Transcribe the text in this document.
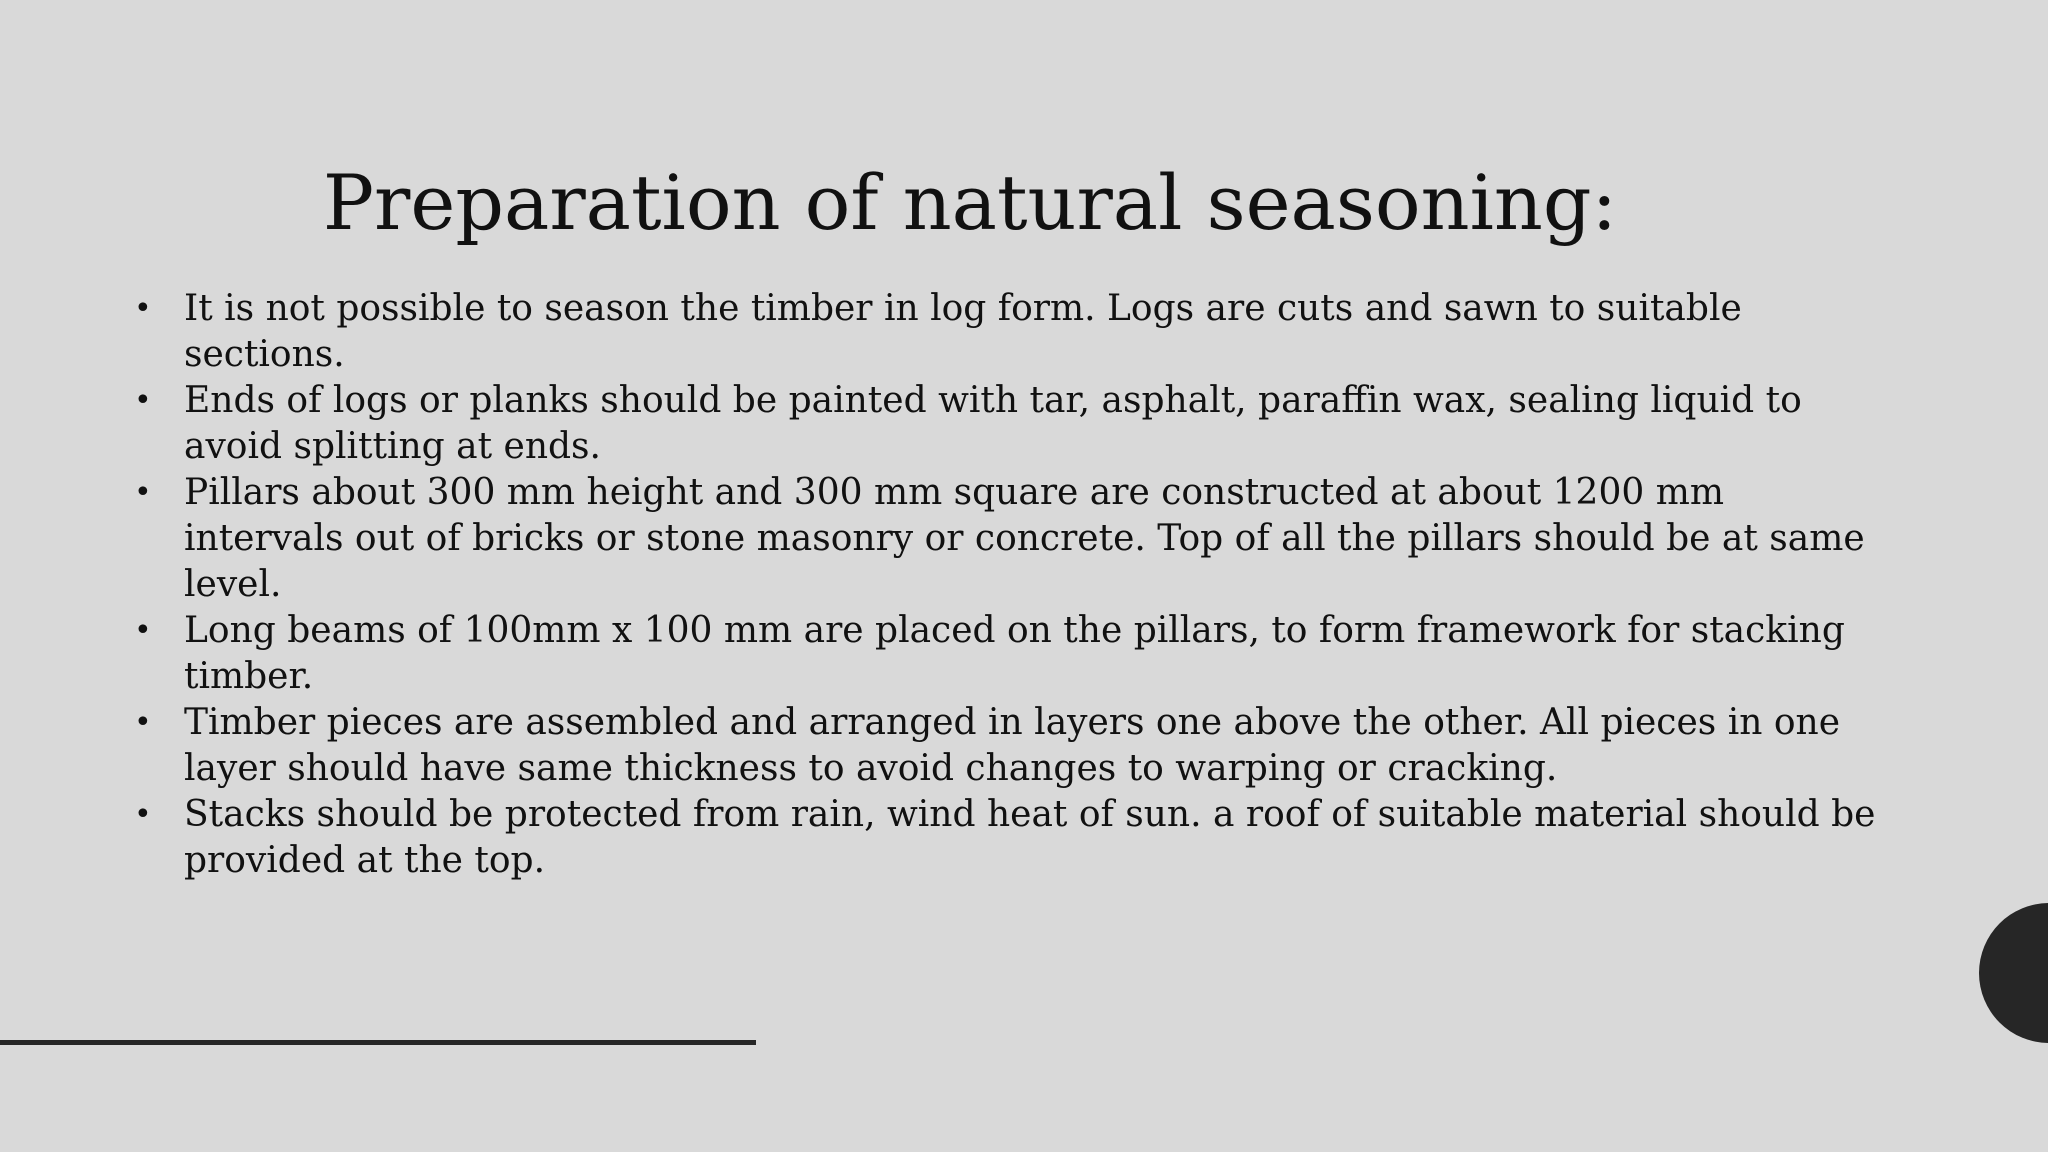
Preparation of natural seasoning:
• It is not possible to season the timber in log form. Logs are cuts and sawn to suitable sections.
• Ends of logs or planks should be painted with tar, asphalt, paraffin wax, sealing liquid to avoid splitting at ends.
• Pillars about 300 mm height and 300 mm square are constructed at about 1200 mm intervals out of bricks or stone masonry or concrete. Top of all the pillars should be at same level.
• Long beams of 100mm x 100 mm are placed on the pillars, to form framework for stacking timber.
• Timber pieces are assembled and arranged in layers one above the other. All pieces in one layer should have same thickness to avoid changes to warping or cracking.
• Stacks should be protected from rain, wind heat of sun. a roof of suitable material should be provided at the top.
